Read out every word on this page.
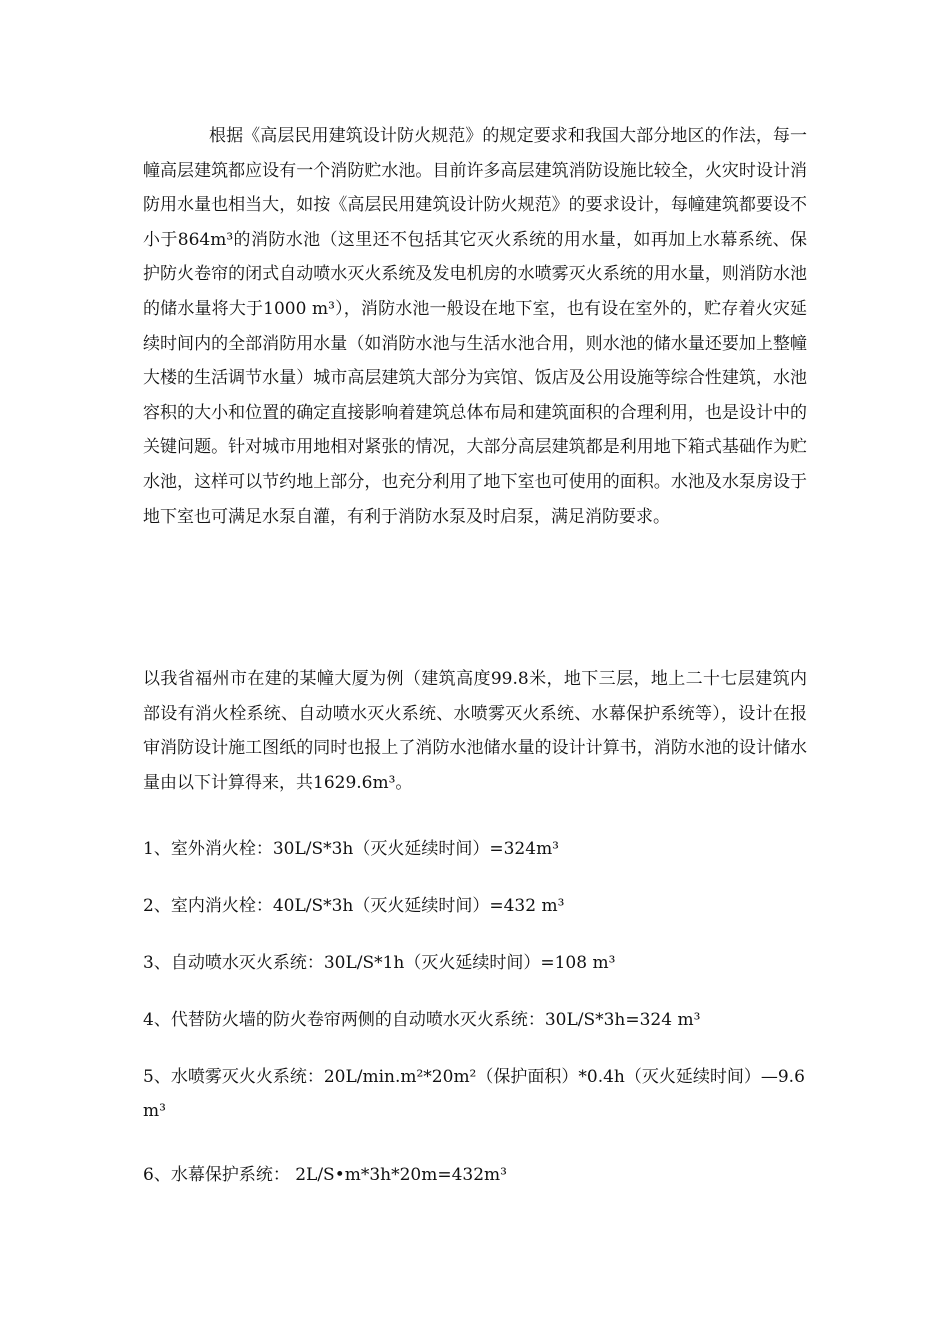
根据《高层民用建筑设计防火规范》的规定要求和我国大部分地区的作法，每一幢高层建筑都应设有一个消防贮水池。目前许多高层建筑消防设施比较全，火灾时设计消防用水量也相当大，如按《高层民用建筑设计防火规范》的要求设计，每幢建筑都要设不小于864m³的消防水池（这里还不包括其它灭火系统的用水量，如再加上水幕系统、保护防火卷帘的闭式自动喷水灭火系统及发电机房的水喷雾灭火系统的用水量，则消防水池的储水量将大于1000 m³），消防水池一般设在地下室，也有设在室外的，贮存着火灾延续时间内的全部消防用水量（如消防水池与生活水池合用，则水池的储水量还要加上整幢大楼的生活调节水量）城市高层建筑大部分为宾馆、饭店及公用设施等综合性建筑，水池容积的大小和位置的确定直接影响着建筑总体布局和建筑面积的合理利用，也是设计中的关键问题。针对城市用地相对紧张的情况，大部分高层建筑都是利用地下箱式基础作为贮水池，这样可以节约地上部分，也充分利用了地下室也可使用的面积。水池及水泵房设于地下室也可满足水泵自灌，有利于消防水泵及时启泵，满足消防要求。

以我省福州市在建的某幢大厦为例（建筑高度99.8米，地下三层，地上二十七层建筑内部设有消火栓系统、自动喷水灭火系统、水喷雾灭火系统、水幕保护系统等），设计在报审消防设计施工图纸的同时也报上了消防水池储水量的设计计算书，消防水池的设计储水量由以下计算得来，共1629.6m³。

1、室外消火栓：30L/S*3h（灭火延续时间）=324m³

2、室内消火栓：40L/S*3h（灭火延续时间）=432 m³

3、自动喷水灭火系统：30L/S*1h（灭火延续时间）=108 m³

4、代替防火墙的防火卷帘两侧的自动喷水灭火系统：30L/S*3h=324 m³

5、水喷雾灭火火系统：20L/min.m²*20m²（保护面积）*0.4h（灭火延续时间）—9.6 m³

6、水幕保护系统： 2L/S•m*3h*20m=432m³
